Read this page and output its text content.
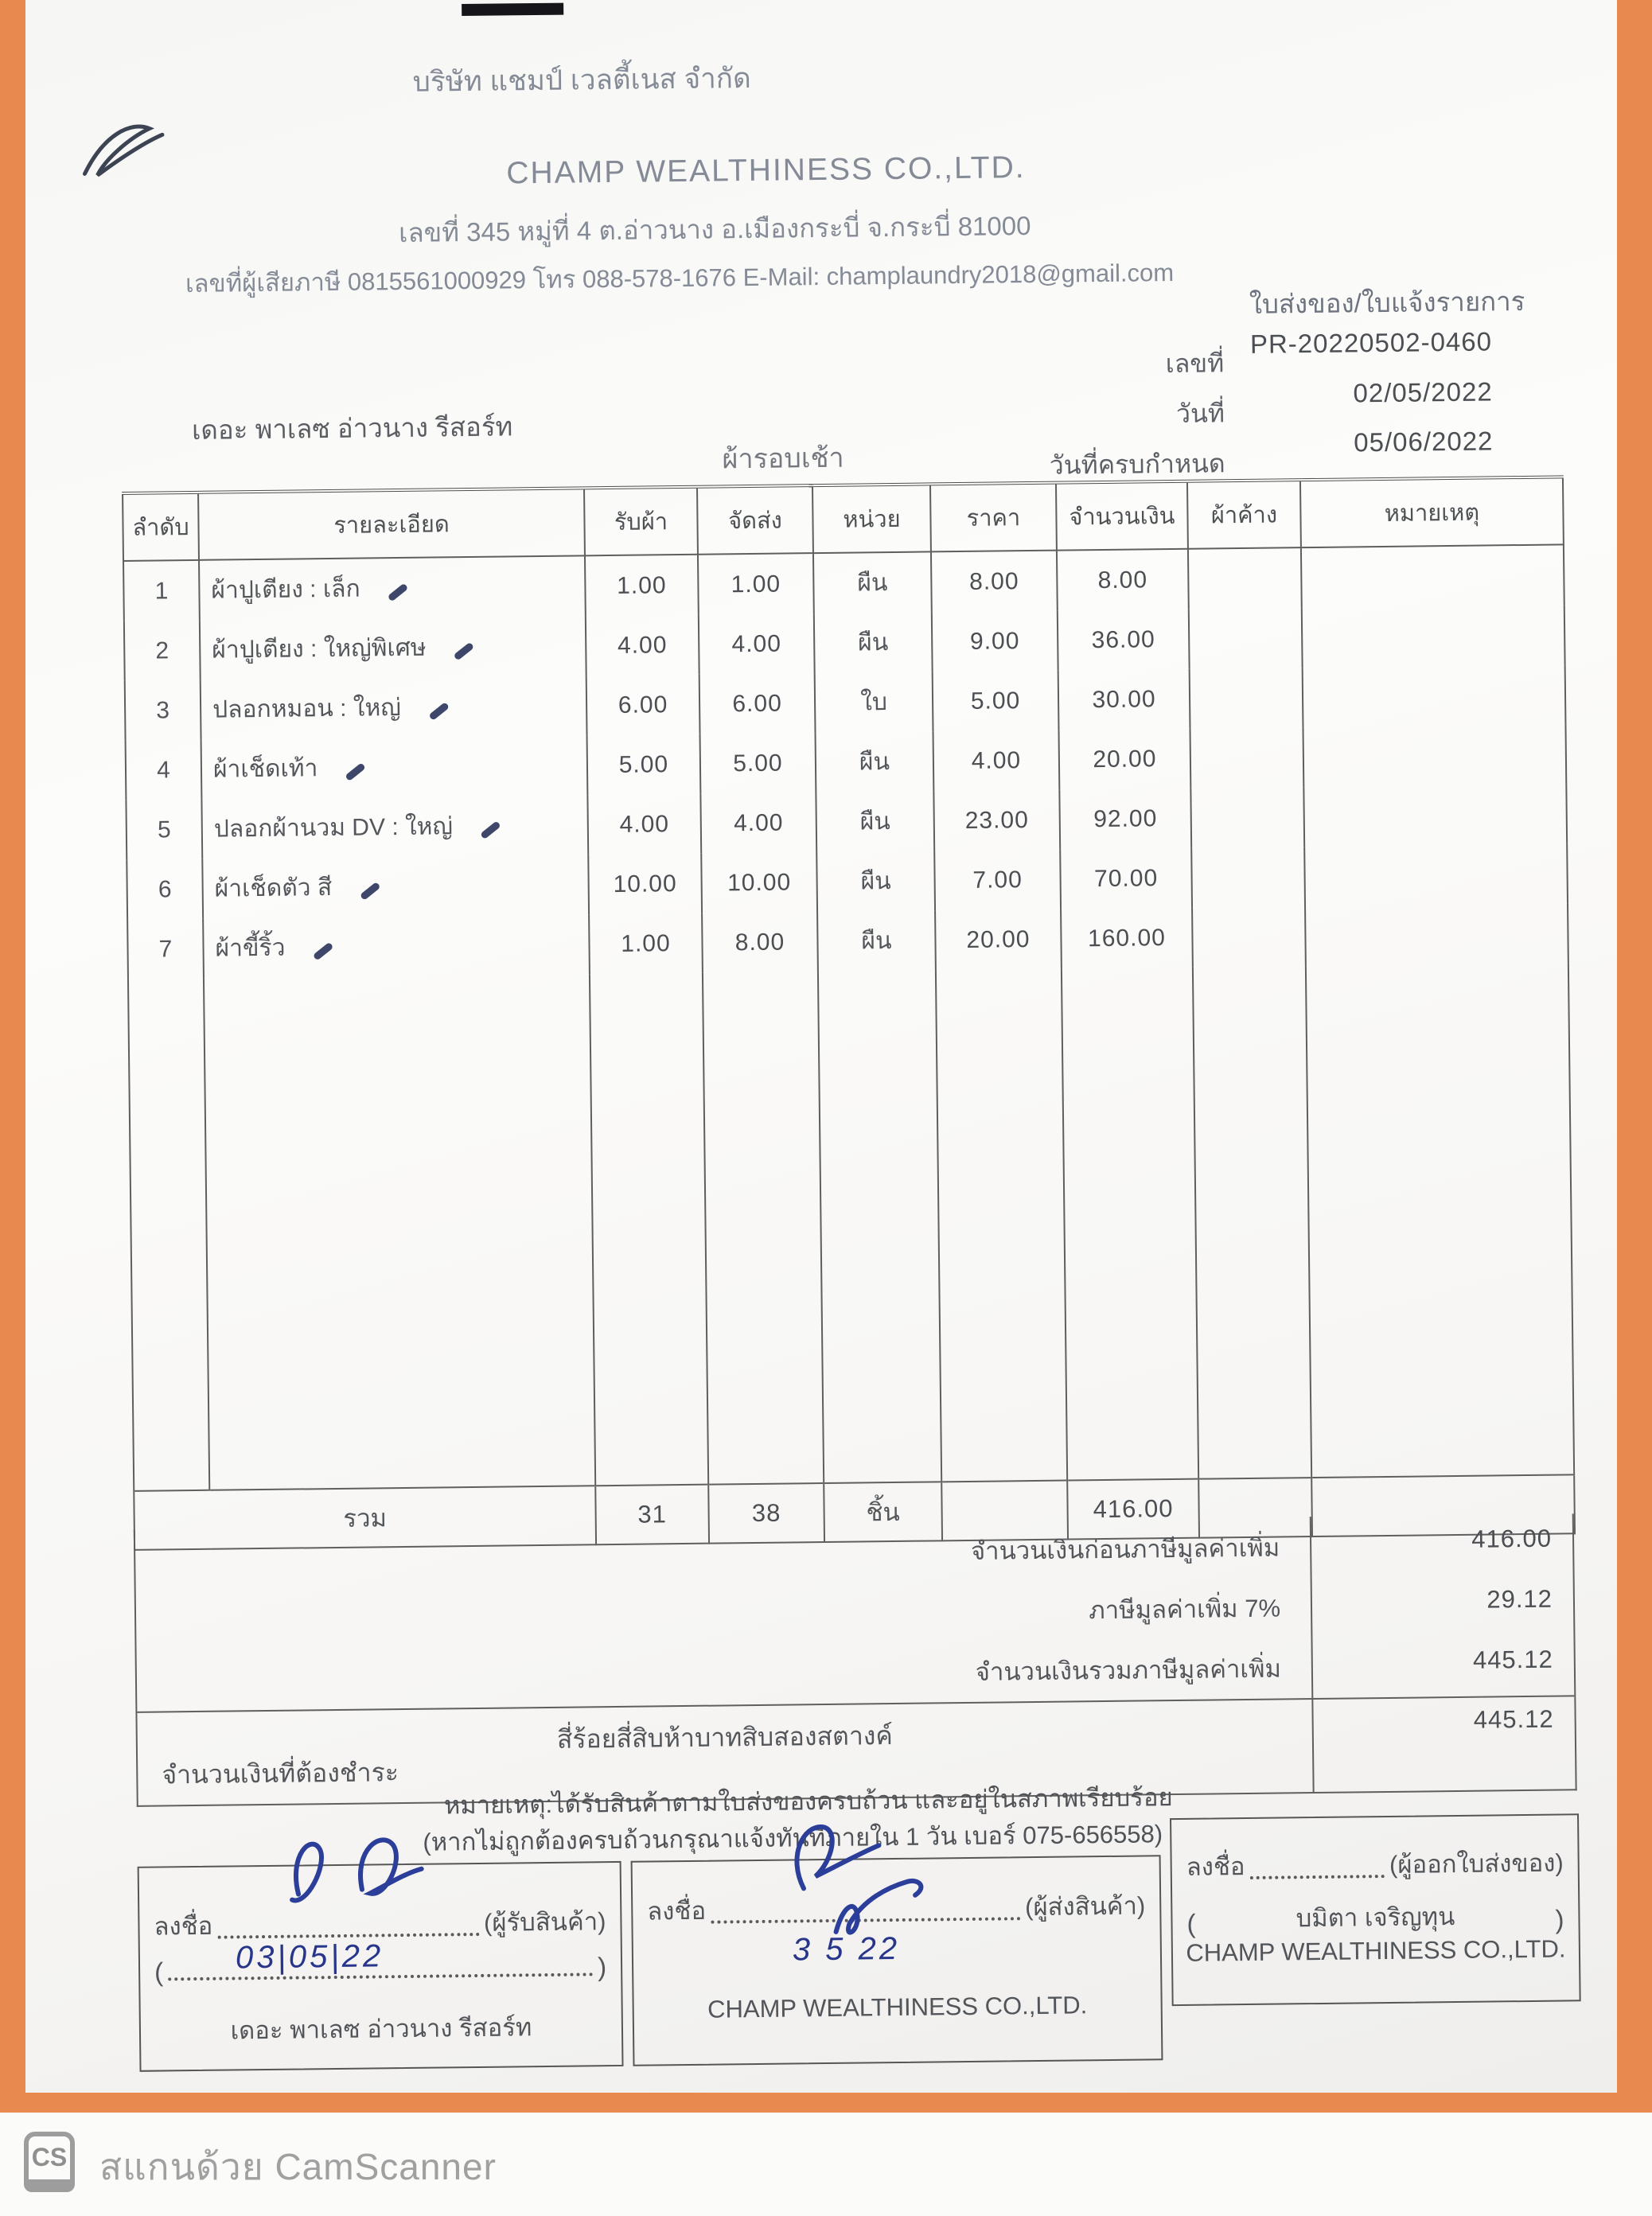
บริษัท แชมป์ เวลตี้เนส จำกัด
CHAMP WEALTHINESS CO.,LTD.
เลขที่ 345 หมู่ที่ 4 ต.อ่าวนาง อ.เมืองกระบี่ จ.กระบี่ 81000
เลขที่ผู้เสียภาษี 0815561000929 โทร 088-578-1676 E-Mail: champlaundry2018@gmail.com
ใบส่งของ/ใบแจ้งรายการ
เลขที่
PR-20220502-0460
วันที่
02/05/2022
วันที่ครบกำหนด
05/06/2022
เดอะ พาเลซ อ่าวนาง รีสอร์ท
ผ้ารอบเช้า
ลำดับ	รายละเอียด	รับผ้า	จัดส่ง	หน่วย	ราคา	จำนวนเงิน	ผ้าค้าง	หมายเหตุ
1	ผ้าปูเตียง : เล็ก	1.00	1.00	ผืน	8.00	8.00		
2	ผ้าปูเตียง : ใหญ่พิเศษ	4.00	4.00	ผืน	9.00	36.00		
3	ปลอกหมอน : ใหญ่	6.00	6.00	ใบ	5.00	30.00		
4	ผ้าเช็ดเท้า	5.00	5.00	ผืน	4.00	20.00		
5	ปลอกผ้านวม DV : ใหญ่	4.00	4.00	ผืน	23.00	92.00		
6	ผ้าเช็ดตัว สี	10.00	10.00	ผืน	7.00	70.00		
7	ผ้าขี้ริ้ว	1.00	8.00	ผืน	20.00	160.00		

รวม		31	38	ชิ้น		416.00		
จำนวนเงินก่อนภาษีมูลค่าเพิ่ม	416.00
ภาษีมูลค่าเพิ่ม 7%	29.12
จำนวนเงินรวมภาษีมูลค่าเพิ่ม	445.12
สี่ร้อยสี่สิบห้าบาทสิบสองสตางค์
จำนวนเงินที่ต้องชำระ
445.12
หมายเหตุ:ได้รับสินค้าตามใบส่งของครบถ้วน และอยู่ในสภาพเรียบร้อย
(หากไม่ถูกต้องครบถ้วนกรุณาแจ้งทันทีภายใน 1 วัน เบอร์ 075-656558)
ลงชื่อ	(ผู้รับสินค้า)
(	)
03|05|22
เดอะ พาเลซ อ่าวนาง รีสอร์ท
ลงชื่อ	(ผู้ส่งสินค้า)
3 5 22
CHAMP WEALTHINESS CO.,LTD.
ลงชื่อ	(ผู้ออกใบส่งของ)
(	บมิตา เจริญทุน	)
CHAMP WEALTHINESS CO.,LTD.
CS สแกนด้วย CamScanner
